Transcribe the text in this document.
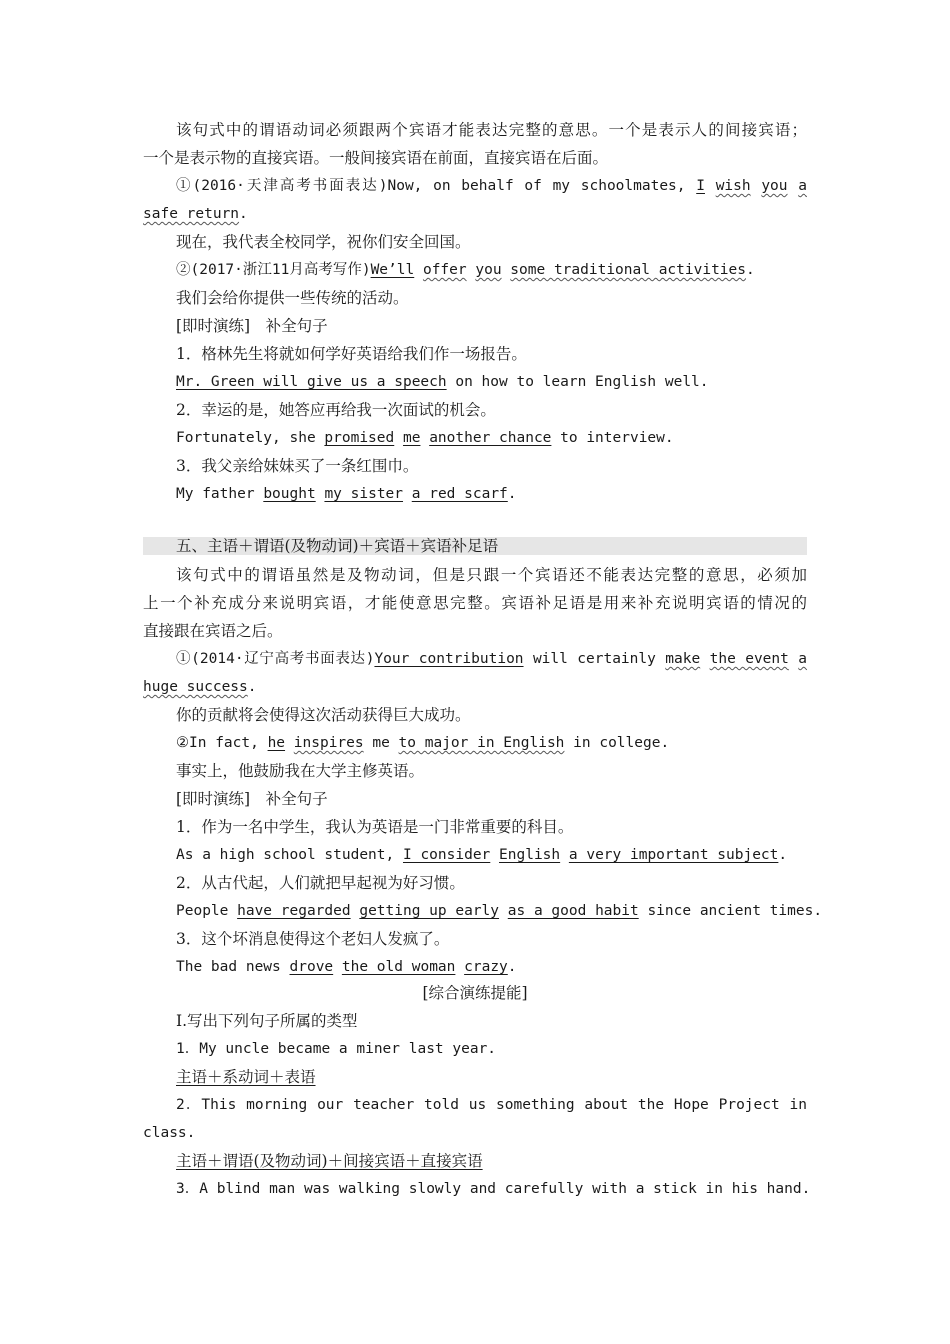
该句式中的谓语动词必须跟两个宾语才能表达完整的意思。一个是表示人的间接宾语；
一个是表示物的直接宾语。一般间接宾语在前面，直接宾语在后面。
①(2016·天津高考书面表达)Now, on behalf of my schoolmates, I wish you a
safe return.
现在，我代表全校同学，祝你们安全回国。
②(2017·浙江11月高考写作)We’ll offer you some traditional activities.
我们会给你提供一些传统的活动。
[即时演练]　补全句子
1．格林先生将就如何学好英语给我们作一场报告。
Mr. Green will give us a speech on how to learn English well.
2．幸运的是，她答应再给我一次面试的机会。
Fortunately, she promised me another chance to interview.
3．我父亲给妹妹买了一条红围巾。
My father bought my sister a red scarf.
五、主语＋谓语(及物动词)＋宾语＋宾语补足语
该句式中的谓语虽然是及物动词，但是只跟一个宾语还不能表达完整的意思，必须加
上一个补充成分来说明宾语，才能使意思完整。宾语补足语是用来补充说明宾语的情况的
直接跟在宾语之后。
①(2014·辽宁高考书面表达)Your contribution will certainly make the event a
huge success.
你的贡献将会使得这次活动获得巨大成功。
②In fact, he inspires me to major in English in college.
事实上，他鼓励我在大学主修英语。
[即时演练]　补全句子
1．作为一名中学生，我认为英语是一门非常重要的科目。
As a high school student, I consider English a very important subject.
2．从古代起，人们就把早起视为好习惯。
People have regarded getting up early as a good habit since ancient times.
3．这个坏消息使得这个老妇人发疯了。
The bad news drove the old woman crazy.
[综合演练提能]
Ⅰ.写出下列句子所属的类型
1．My uncle became a miner last year.
主语＋系动词＋表语
2．This morning our teacher told us something about the Hope Project in
class.
主语＋谓语(及物动词)＋间接宾语＋直接宾语
3．A blind man was walking slowly and carefully with a stick in his hand.
